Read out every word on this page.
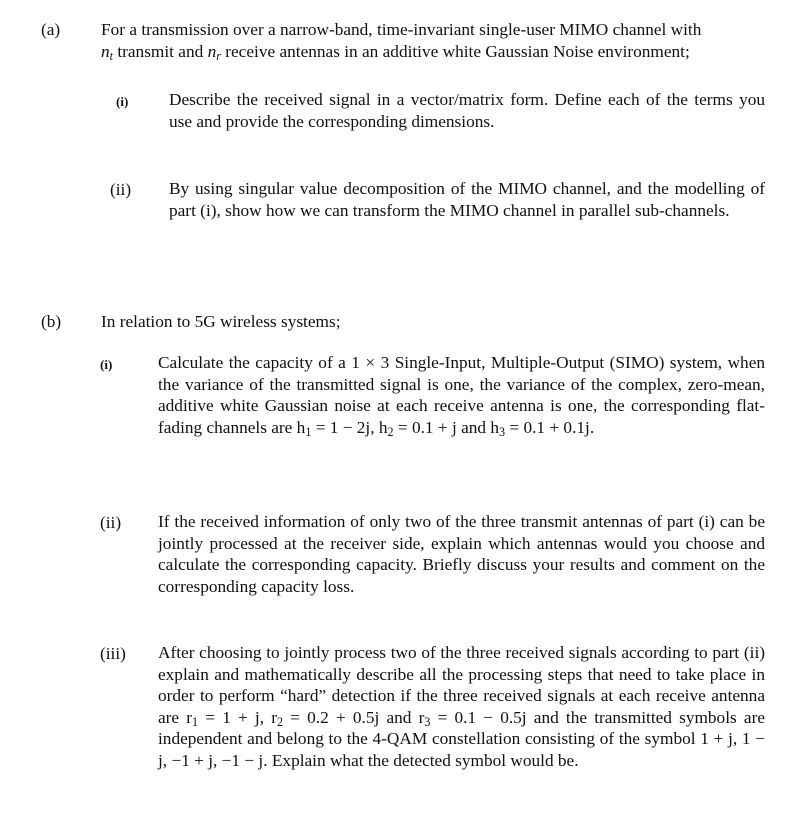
(a) For a transmission over a narrow-band, time-invariant single-user MIMO channel with
$n_t$ transmit and $n_r$ receive antennas in an additive white Gaussian Noise environment;
(i) Describe the received signal in a vector/matrix form. Define each of the terms you use and provide the corresponding dimensions.
(ii) By using singular value decomposition of the MIMO channel, and the modelling of part (i), show how we can transform the MIMO channel in parallel sub-channels.
(b) In relation to 5G wireless systems;
(i)	Calculate the capacity of a 1 × 3 Single-Input, Multiple-Output (SIMO) system, when the variance of the transmitted signal is one, the variance of the complex, zero-mean, additive white Gaussian noise at each receive antenna is one, the corresponding flat-fading channels are $h_1 = 1 - 2j$, $h_2 = 0.1 + j$ and $h_3 = 0.1 + 0.1j$.
(ii) If the received information of only two of the three transmit antennas of part (i) can be jointly processed at the receiver side, explain which antennas would you choose and calculate the corresponding capacity. Briefly discuss your results and comment on the corresponding capacity loss.
(iii) After choosing to jointly process two of the three received signals according to part (ii) explain and mathematically describe all the processing steps that need to take place in order to perform “hard” detection if the three received signals at each receive antenna are $r_1 = 1 + j$, $r_2 = 0.2 + 0.5j$ and $r_3 = 0.1 - 0.5j$ and the transmitted symbols are independent and belong to the 4-QAM constellation consisting of the symbol 1 + j, 1 − j, −1 + j, −1 − j. Explain what the detected symbol would be.
